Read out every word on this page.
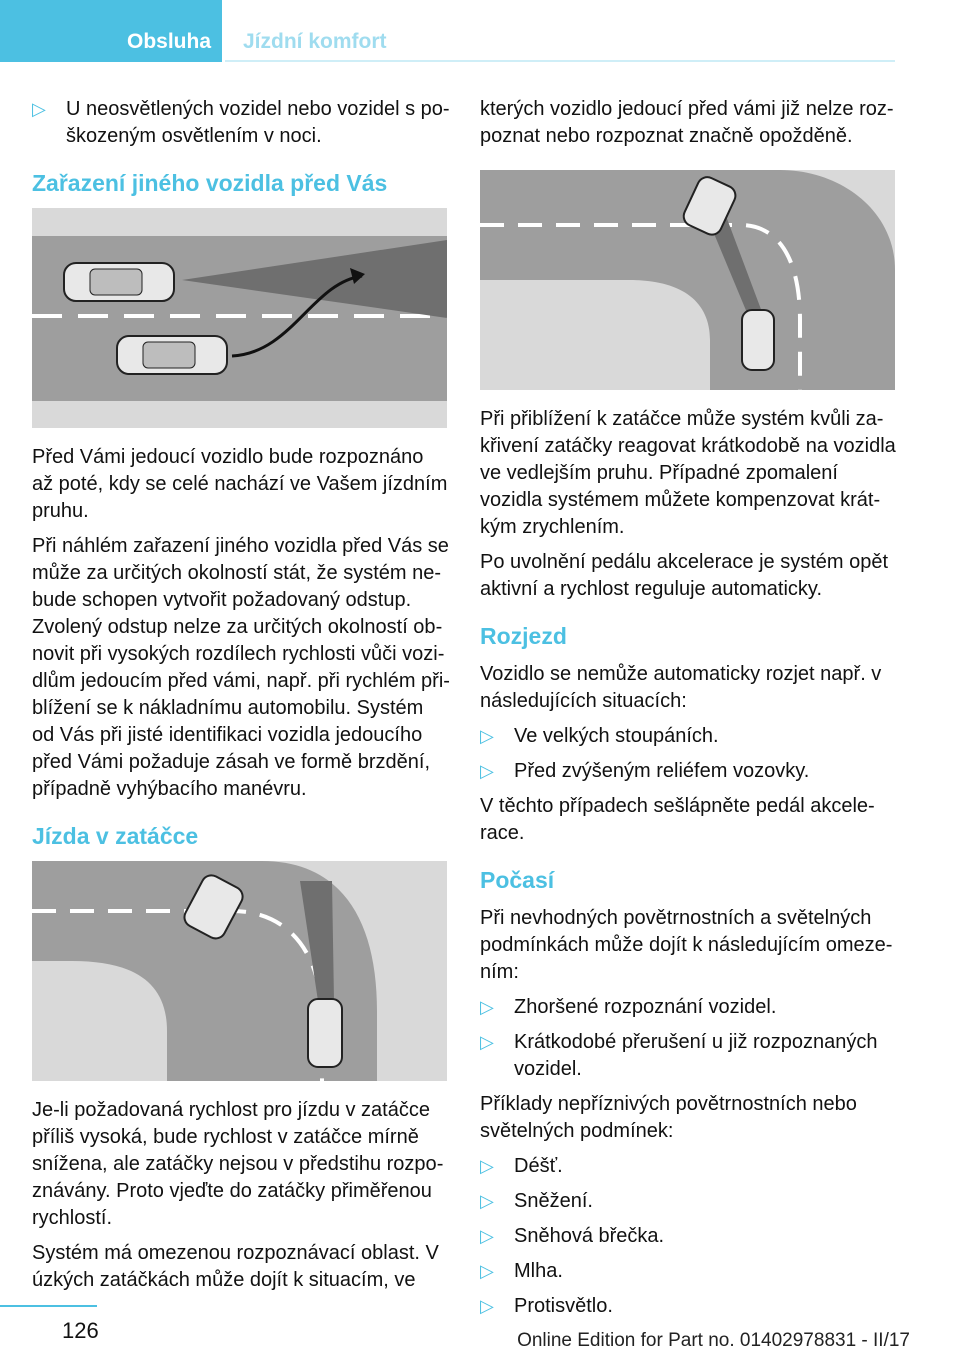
Obsluha Jízdní komfort
▷ U neosvětlených vozidel nebo vozidel s poškozeným osvětlením v noci.
Zařazení jiného vozidla před Vás

Před Vámi jedoucí vozidlo bude rozpoznáno až poté, kdy se celé nachází ve Vašem jízdním pruhu.

Při náhlém zařazení jiného vozidla před Vás se může za určitých okolností stát, že systém nebude schopen vytvořit požadovaný odstup. Zvolený odstup nelze za určitých okolností obnovit při vysokých rozdílech rychlosti vůči vozidlům jedoucím před vámi, např. při rychlém přiblížení se k nákladnímu automobilu. Systém od Vás při jisté identifikaci vozidla jedoucího před Vámi požaduje zásah ve formě brzdění, případně vyhýbacího manévru.

Jízda v zatáčce

Je-li požadovaná rychlost pro jízdu v zatáčce příliš vysoká, bude rychlost v zatáčce mírně snížena, ale zatáčky nejsou v předstihu rozpoznávány. Proto vjeďte do zatáčky přiměřenou rychlostí.

Systém má omezenou rozpoznávací oblast. V úzkých zatáčkách může dojít k situacím, ve

kterých vozidlo jedoucí před vámi již nelze rozpoznat nebo rozpoznat značně opožděně.

Při přiblížení k zatáčce může systém kvůli zakřivení zatáčky reagovat krátkodobě na vozidla ve vedlejším pruhu. Případné zpomalení vozidla systémem můžete kompenzovat krátkým zrychlením.

Po uvolnění pedálu akcelerace je systém opět aktivní a rychlost reguluje automaticky.

Rozjezd

Vozidlo se nemůže automaticky rozjet např. v následujících situacích:

▷ Ve velkých stoupáních.
▷ Před zvýšeným reliéfem vozovky.

V těchto případech sešlápněte pedál akcelerace.

Počasí

Při nevhodných povětrnostních a světelných podmínkách může dojít k následujícím omezením:

▷ Zhoršené rozpoznání vozidel.
▷ Krátkodobé přerušení u již rozpoznaných vozidel.

Příklady nepříznivých povětrnostních nebo světelných podmínek:

▷ Déšť.
▷ Sněžení.
▷ Sněhová břečka.
▷ Mlha.
▷ Protisvětlo.
126	Online Edition for Part no. 01402978831 - II/17
